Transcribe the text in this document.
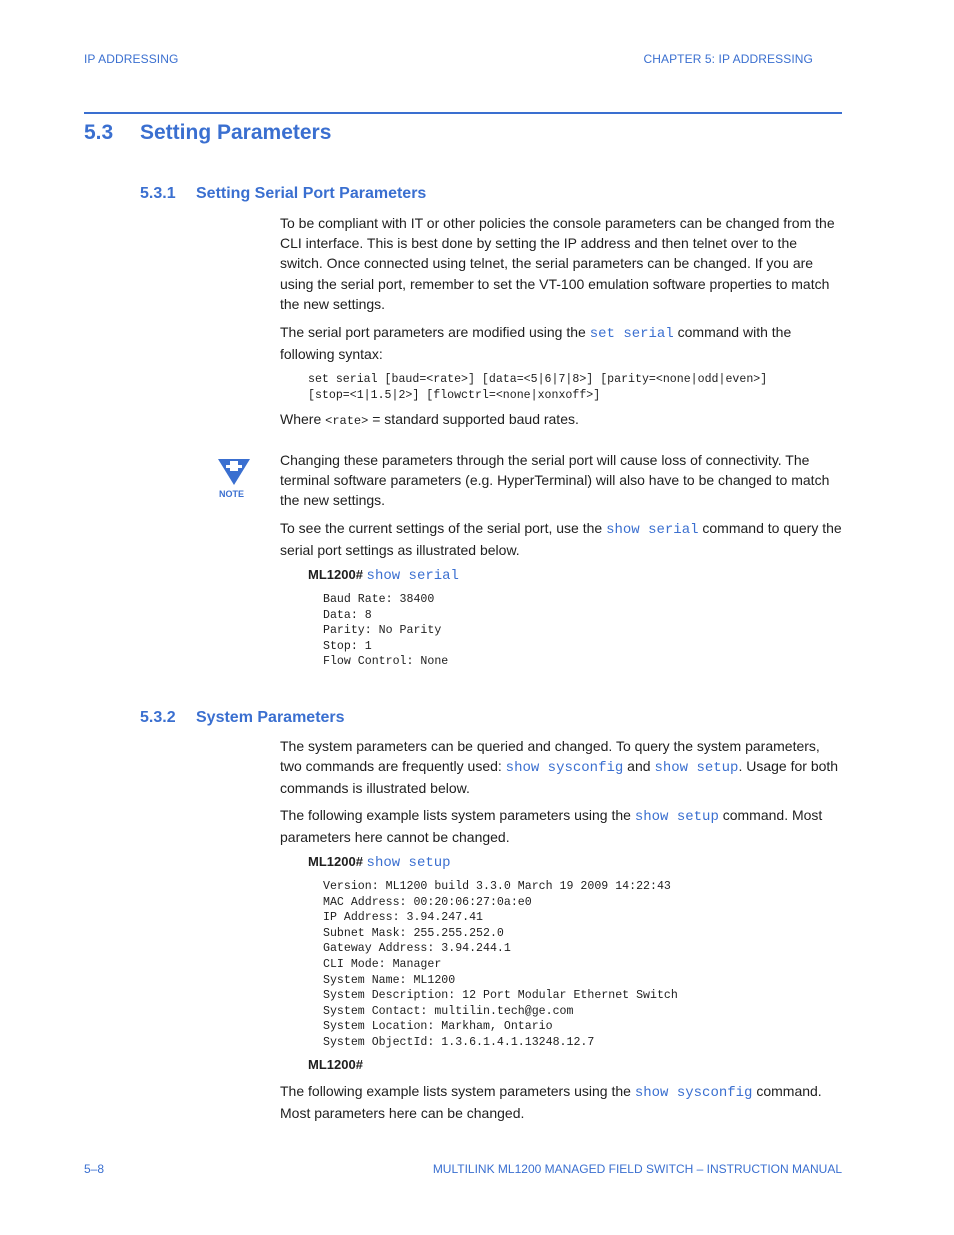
IP ADDRESSING	CHAPTER 5: IP ADDRESSING
5.3 Setting Parameters
5.3.1 Setting Serial Port Parameters
To be compliant with IT or other policies the console parameters can be changed from the CLI interface. This is best done by setting the IP address and then telnet over to the switch. Once connected using telnet, the serial parameters can be changed. If you are using the serial port, remember to set the VT-100 emulation software properties to match the new settings.
The serial port parameters are modified using the set serial command with the following syntax:
set serial [baud=<rate>] [data=<5|6|7|8>] [parity=<none|odd|even>]
[stop=<1|1.5|2>] [flowctrl=<none|xonxoff>]
Where <rate> = standard supported baud rates.
NOTE
Changing these parameters through the serial port will cause loss of connectivity. The terminal software parameters (e.g. HyperTerminal) will also have to be changed to match the new settings.
To see the current settings of the serial port, use the show serial command to query the serial port settings as illustrated below.
ML1200# show serial
Baud Rate: 38400
Data: 8
Parity: No Parity
Stop: 1
Flow Control: None
5.3.2 System Parameters
The system parameters can be queried and changed. To query the system parameters, two commands are frequently used: show sysconfig and show setup. Usage for both commands is illustrated below.
The following example lists system parameters using the show setup command. Most parameters here cannot be changed.
ML1200# show setup
Version: ML1200 build 3.3.0 March 19 2009 14:22:43
MAC Address: 00:20:06:27:0a:e0
IP Address: 3.94.247.41
Subnet Mask: 255.255.252.0
Gateway Address: 3.94.244.1
CLI Mode: Manager
System Name: ML1200
System Description: 12 Port Modular Ethernet Switch
System Contact: multilin.tech@ge.com
System Location: Markham, Ontario
System ObjectId: 1.3.6.1.4.1.13248.12.7
ML1200#
The following example lists system parameters using the show sysconfig command. Most parameters here can be changed.
5–8	MULTILINK ML1200 MANAGED FIELD SWITCH – INSTRUCTION MANUAL
